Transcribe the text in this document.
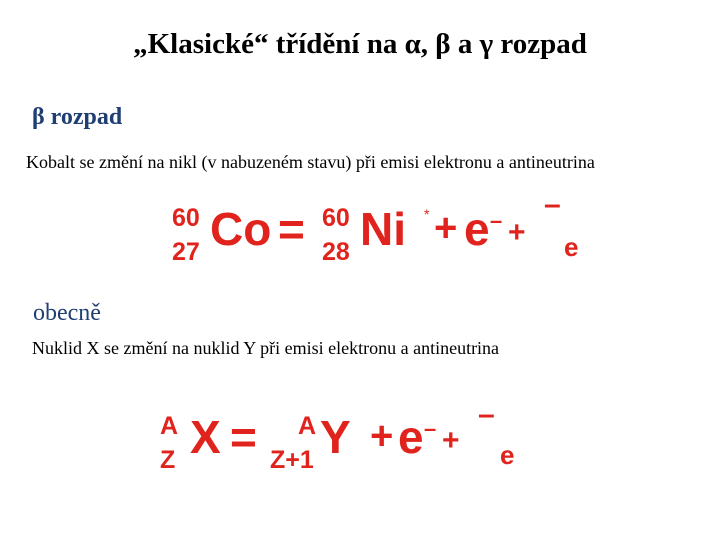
„Klasické“ třídění na α, β a γ rozpad
β rozpad
Kobalt se změní na nikl (v nabuzeném stavu) při emisi elektronu a antineutrina
60
27 Co = 60
28 Ni * + e – +
–
e
obecně
Nuklid X se změní na nuklid Y při emisi elektronu a antineutrina
A
Z X = A
Z+1 Y + e – +
–
e
